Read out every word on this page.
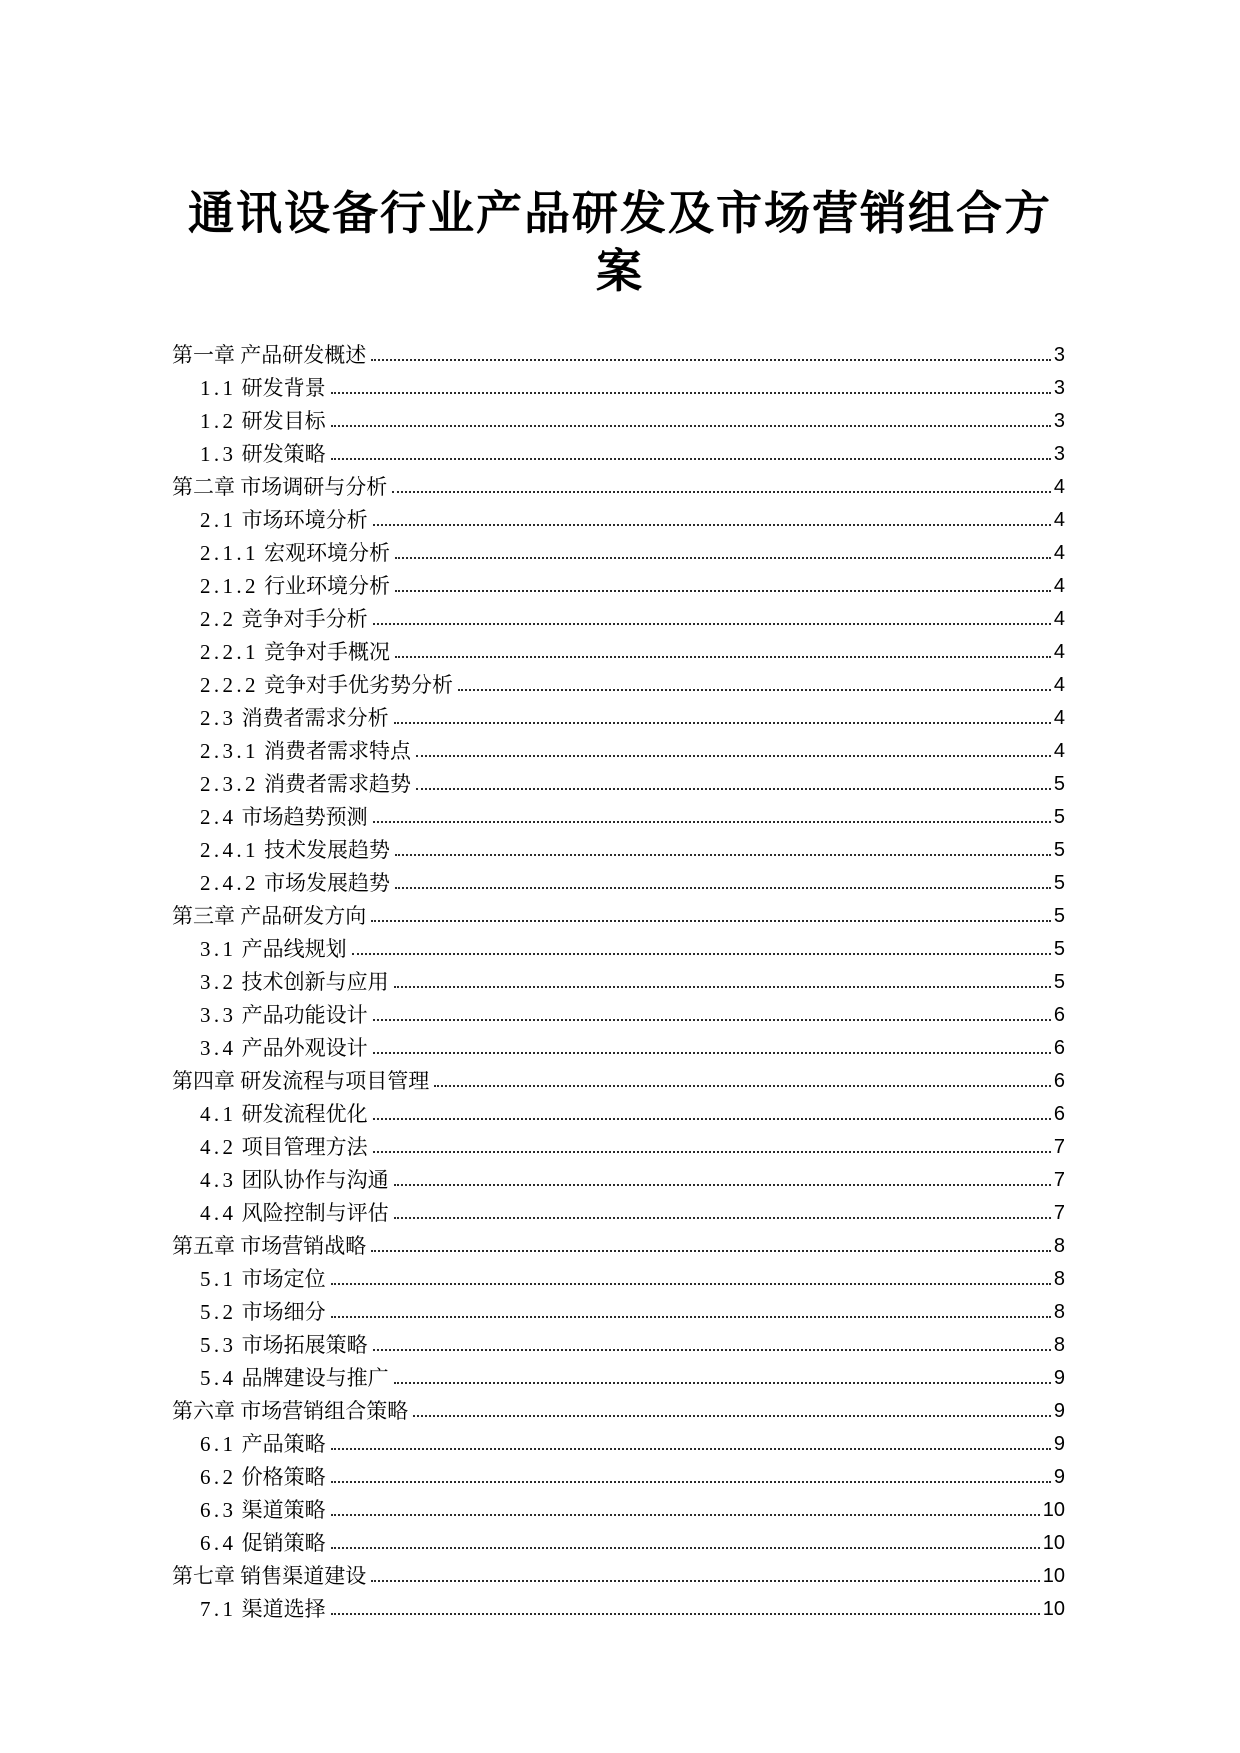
通讯设备行业产品研发及市场营销组合方案
第一章 产品研发概述	3
1.1 研发背景	3
1.2 研发目标	3
1.3 研发策略	3
第二章 市场调研与分析	4
2.1 市场环境分析	4
2.1.1 宏观环境分析	4
2.1.2 行业环境分析	4
2.2 竞争对手分析	4
2.2.1 竞争对手概况	4
2.2.2 竞争对手优劣势分析	4
2.3 消费者需求分析	4
2.3.1 消费者需求特点	4
2.3.2 消费者需求趋势	5
2.4 市场趋势预测	5
2.4.1 技术发展趋势	5
2.4.2 市场发展趋势	5
第三章 产品研发方向	5
3.1 产品线规划	5
3.2 技术创新与应用	5
3.3 产品功能设计	6
3.4 产品外观设计	6
第四章 研发流程与项目管理	6
4.1 研发流程优化	6
4.2 项目管理方法	7
4.3 团队协作与沟通	7
4.4 风险控制与评估	7
第五章 市场营销战略	8
5.1 市场定位	8
5.2 市场细分	8
5.3 市场拓展策略	8
5.4 品牌建设与推广	9
第六章 市场营销组合策略	9
6.1 产品策略	9
6.2 价格策略	9
6.3 渠道策略	10
6.4 促销策略	10
第七章 销售渠道建设	10
7.1 渠道选择	10
